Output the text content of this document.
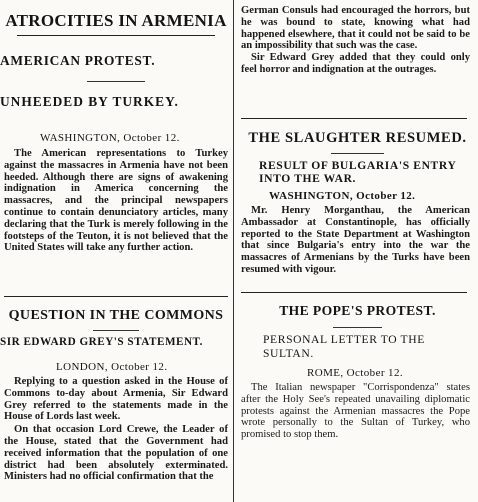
ATROCITIES IN ARMENIA
AMERICAN PROTEST.
UNHEEDED BY TURKEY.
WASHINGTON, October 12.

The American representations to Turkey against the massacres in Armenia have not been heeded. Although there are signs of awakening indignation in America concerning the massacres, and the principal newspapers continue to contain denunciatory articles, many declaring that the Turk is merely following in the footsteps of the Teuton, it is not believed that the United States will take any further action.

QUESTION IN THE COMMONS
SIR EDWARD GREY'S STATEMENT.
LONDON, October 12.

Replying to a question asked in the House of Commons to-day about Armenia, Sir Edward Grey referred to the statements made in the House of Lords last week.

On that occasion Lord Crewe, the Leader of the House, stated that the Government had received information that the population of one district had been absolutely exterminated. Ministers had no official confirmation that the

German Consuls had encouraged the horrors, but he was bound to state, knowing what had happened elsewhere, that it could not be said to be an impossibility that such was the case.

Sir Edward Grey added that they could only feel horror and indignation at the outrages.

THE SLAUGHTER RESUMED.
RESULT OF BULGARIA'S ENTRY INTO THE WAR.
WASHINGTON, October 12.

Mr. Henry Morganthau, the American Ambassador at Constantinople, has officially reported to the State Department at Washington that since Bulgaria's entry into the war the massacres of Armenians by the Turks have been resumed with vigour.

THE POPE'S PROTEST.
PERSONAL LETTER TO THE SULTAN.
ROME, October 12.

The Italian newspaper "Corrispondenza" states after the Holy See's repeated unavailing diplomatic protests against the Armenian massacres the Pope wrote personally to the Sultan of Turkey, who promised to stop them.
